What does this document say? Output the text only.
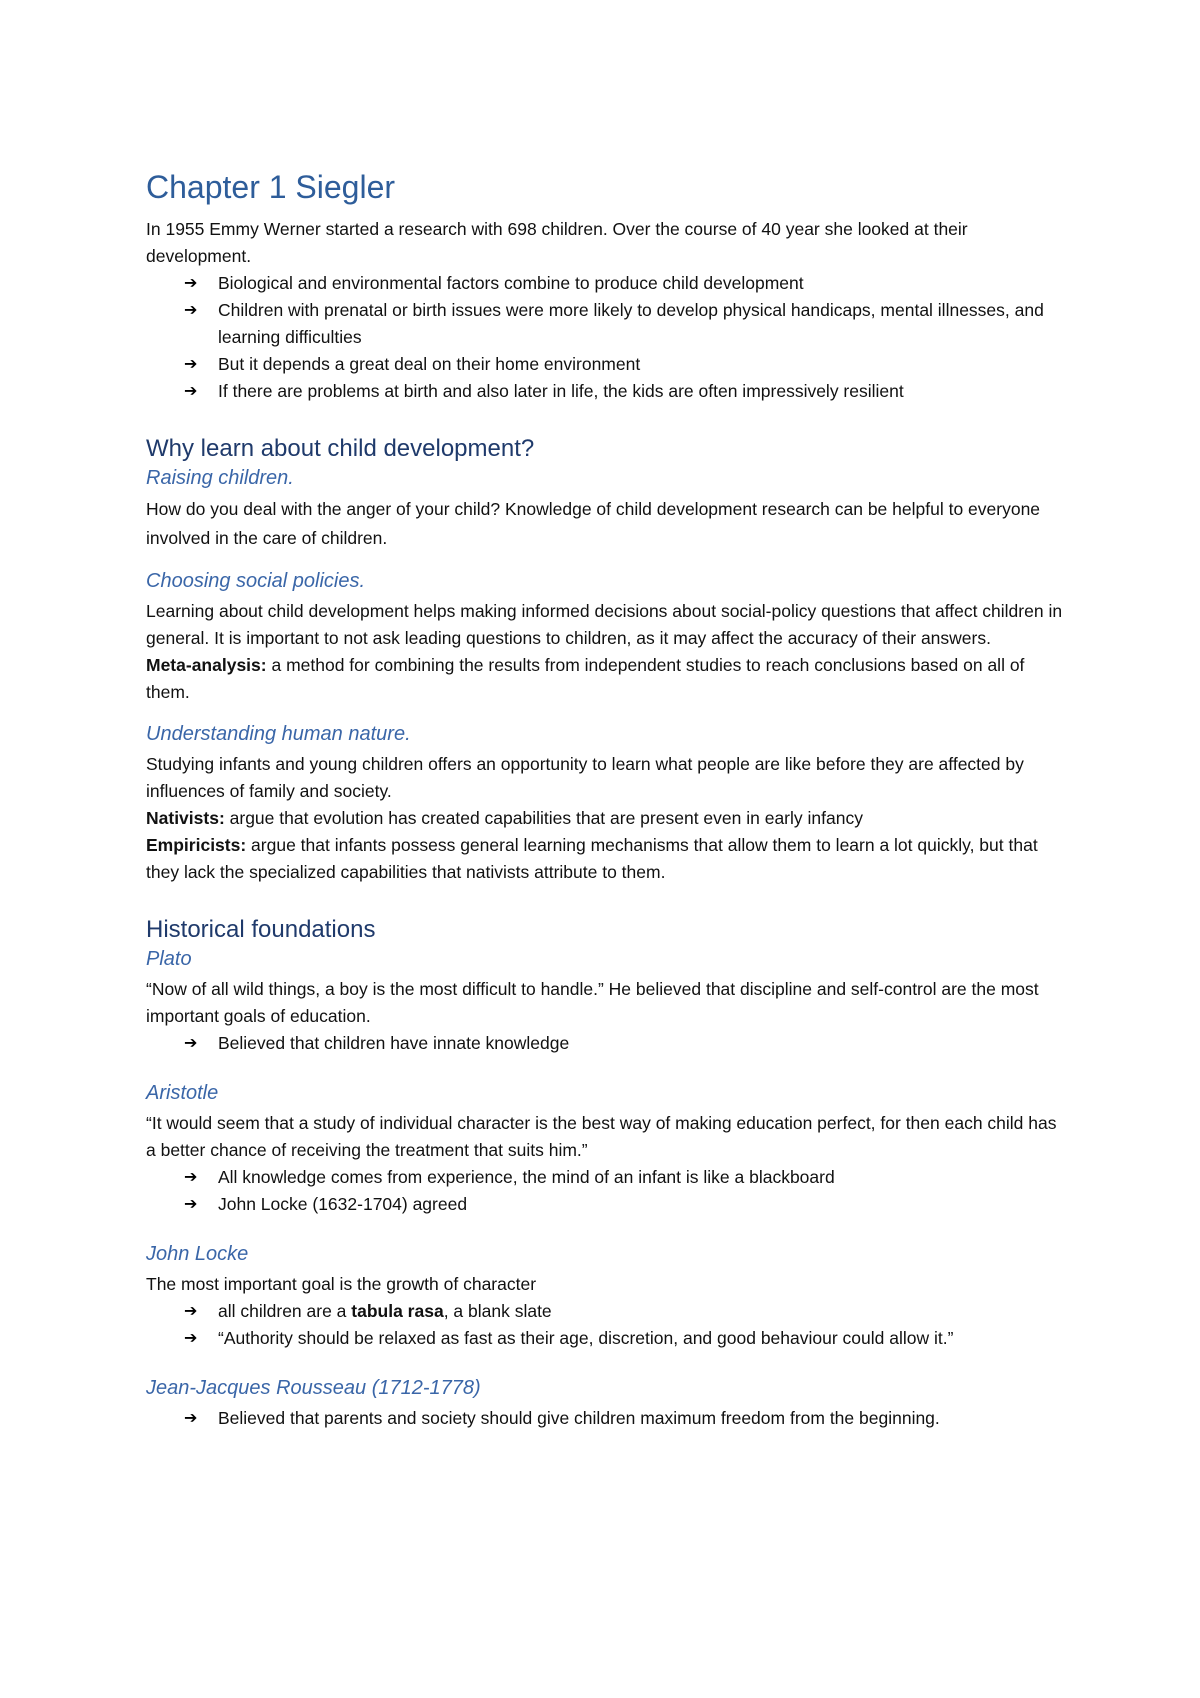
Chapter 1 Siegler

In 1955 Emmy Werner started a research with 698 children. Over the course of 40 year she looked at their development.

➔ Biological and environmental factors combine to produce child development
➔ Children with prenatal or birth issues were more likely to develop physical handicaps, mental illnesses, and learning difficulties
➔ But it depends a great deal on their home environment
➔ If there are problems at birth and also later in life, the kids are often impressively resilient
Why learn about child development?
Raising children.

How do you deal with the anger of your child? Knowledge of child development research can be helpful to everyone involved in the care of children.

Choosing social policies.

Learning about child development helps making informed decisions about social-policy questions that affect children in general. It is important to not ask leading questions to children, as it may affect the accuracy of their answers.

Meta-analysis: a method for combining the results from independent studies to reach conclusions based on all of them.

Understanding human nature.

Studying infants and young children offers an opportunity to learn what people are like before they are affected by influences of family and society.

Nativists: argue that evolution has created capabilities that are present even in early infancy

Empiricists: argue that infants possess general learning mechanisms that allow them to learn a lot quickly, but that they lack the specialized capabilities that nativists attribute to them.

Historical foundations
Plato

“Now of all wild things, a boy is the most difficult to handle.” He believed that discipline and self-control are the most important goals of education.

➔ Believed that children have innate knowledge
Aristotle

“It would seem that a study of individual character is the best way of making education perfect, for then each child has a better chance of receiving the treatment that suits him.”

➔ All knowledge comes from experience, the mind of an infant is like a blackboard
➔ John Locke (1632-1704) agreed
John Locke

The most important goal is the growth of character

➔ all children are a tabula rasa, a blank slate
➔ “Authority should be relaxed as fast as their age, discretion, and good behaviour could allow it.”
Jean-Jacques Rousseau (1712-1778)
➔ Believed that parents and society should give children maximum freedom from the beginning.
